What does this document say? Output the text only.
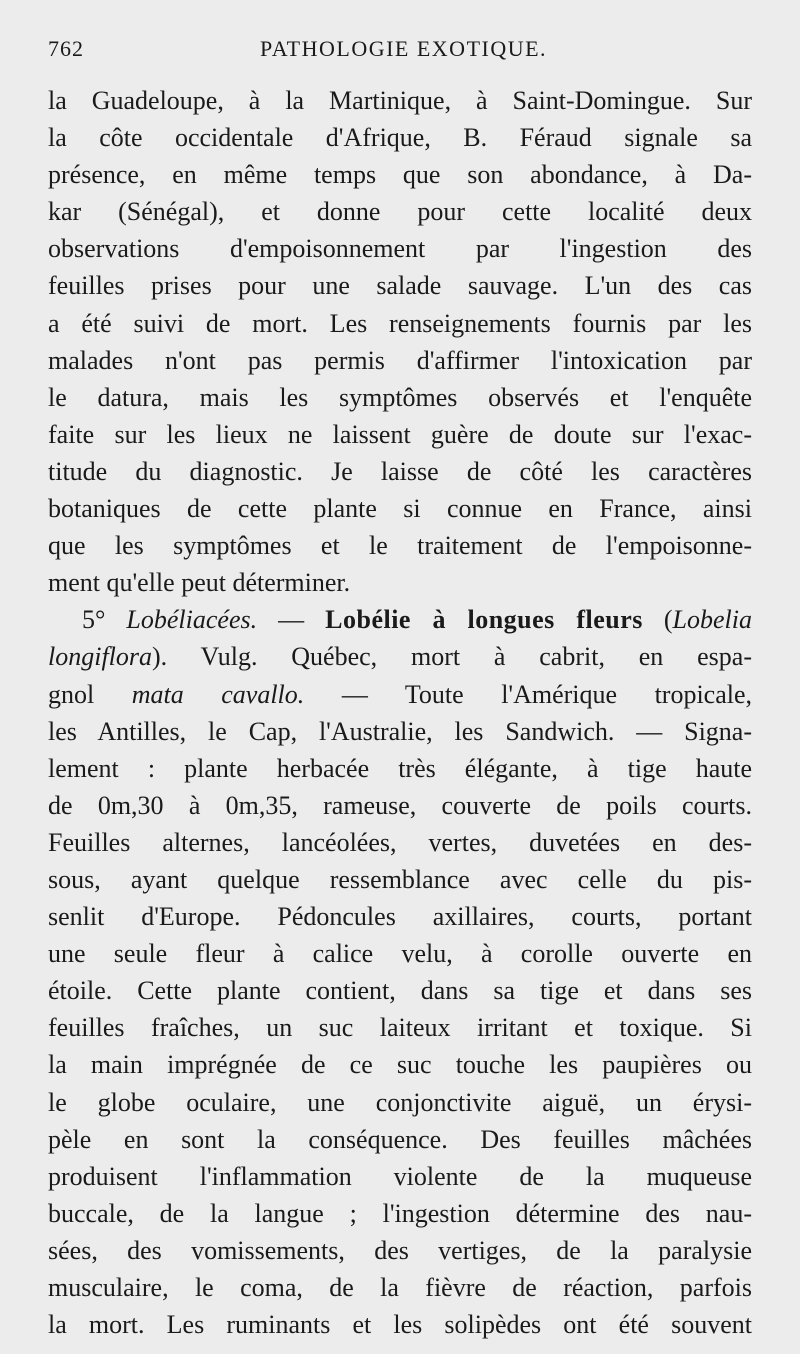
762	PATHOLOGIE EXOTIQUE.
la Guadeloupe, à la Martinique, à Saint-Domingue. Sur
la côte occidentale d'Afrique, B. Féraud signale sa
présence, en même temps que son abondance, à Da-
kar (Sénégal), et donne pour cette localité deux
observations d'empoisonnement par l'ingestion des
feuilles prises pour une salade sauvage. L'un des cas
a été suivi de mort. Les renseignements fournis par les
malades n'ont pas permis d'affirmer l'intoxication par
le datura, mais les symptômes observés et l'enquête
faite sur les lieux ne laissent guère de doute sur l'exac-
titude du diagnostic. Je laisse de côté les caractères
botaniques de cette plante si connue en France, ainsi
que les symptômes et le traitement de l'empoisonne-
ment qu'elle peut déterminer.
5° Lobéliacées. — Lobélie à longues fleurs (Lobelia
longiflora). Vulg. Québec, mort à cabrit, en espa-
gnol mata cavallo. — Toute l'Amérique tropicale,
les Antilles, le Cap, l'Australie, les Sandwich. — Signa-
lement : plante herbacée très élégante, à tige haute
de 0m,30 à 0m,35, rameuse, couverte de poils courts.
Feuilles alternes, lancéolées, vertes, duvetées en des-
sous, ayant quelque ressemblance avec celle du pis-
senlit d'Europe. Pédoncules axillaires, courts, portant
une seule fleur à calice velu, à corolle ouverte en
étoile. Cette plante contient, dans sa tige et dans ses
feuilles fraîches, un suc laiteux irritant et toxique. Si
la main imprégnée de ce suc touche les paupières ou
le globe oculaire, une conjonctivite aiguë, un érysi-
pèle en sont la conséquence. Des feuilles mâchées
produisent l'inflammation violente de la muqueuse
buccale, de la langue ; l'ingestion détermine des nau-
sées, des vomissements, des vertiges, de la paralysie
musculaire, le coma, de la fièvre de réaction, parfois
la mort. Les ruminants et les solipèdes ont été souvent
